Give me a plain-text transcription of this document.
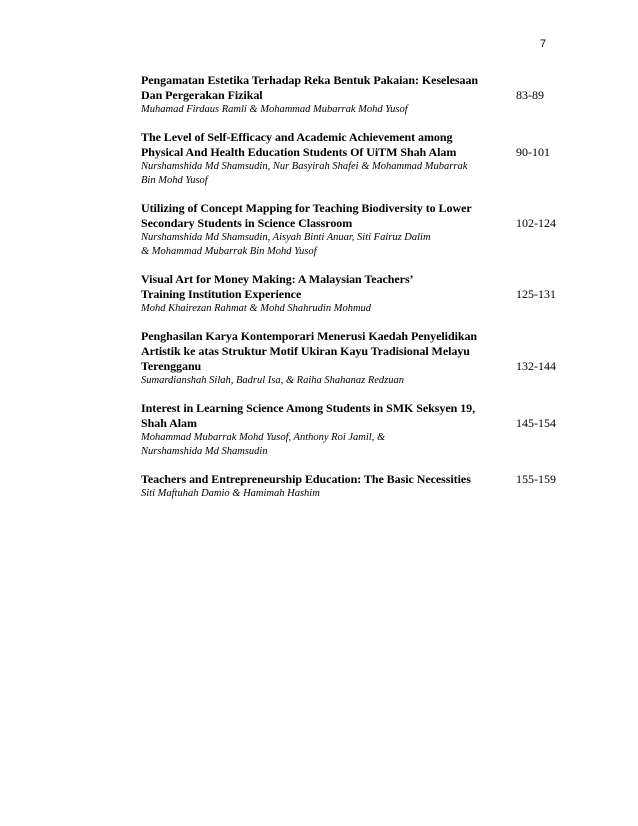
7
Pengamatan Estetika Terhadap Reka Bentuk Pakaian: Keselesaan
Dan Pergerakan Fizikal
Muhamad Firdaus Ramli & Mohammad Mubarrak Mohd Yusof
83-89
The Level of Self-Efficacy and Academic Achievement among
Physical And Health Education Students Of UiTM Shah Alam
Nurshamshida Md Shamsudin, Nur Basyirah Shafei & Mohammad Mubarrak
Bin Mohd Yusof
90-101
Utilizing of Concept Mapping for Teaching Biodiversity to Lower
Secondary Students in Science Classroom
Nurshamshida Md Shamsudin, Aisyah Binti Anuar, Siti Fairuz Dalim
& Mohammad Mubarrak Bin Mohd Yusof
102-124
Visual Art for Money Making: A Malaysian Teachers’
Training Institution Experience
Mohd Khairezan Rahmat & Mohd Shahrudin Mohmud
125-131
Penghasilan Karya Kontemporari Menerusi Kaedah Penyelidikan
Artistik ke atas Struktur Motif Ukiran Kayu Tradisional Melayu
Terengganu
Sumardianshah Silah, Badrul Isa, & Raiha Shahanaz Redzuan
132-144
Interest in Learning Science Among Students in SMK Seksyen 19,
Shah Alam
Mohammad Mubarrak Mohd Yusof, Anthony Roi Jamil, &
Nurshamshida Md Shamsudin
145-154
Teachers and Entrepreneurship Education: The Basic Necessities
Siti Maftuhah Damio & Hamimah Hashim
155-159
